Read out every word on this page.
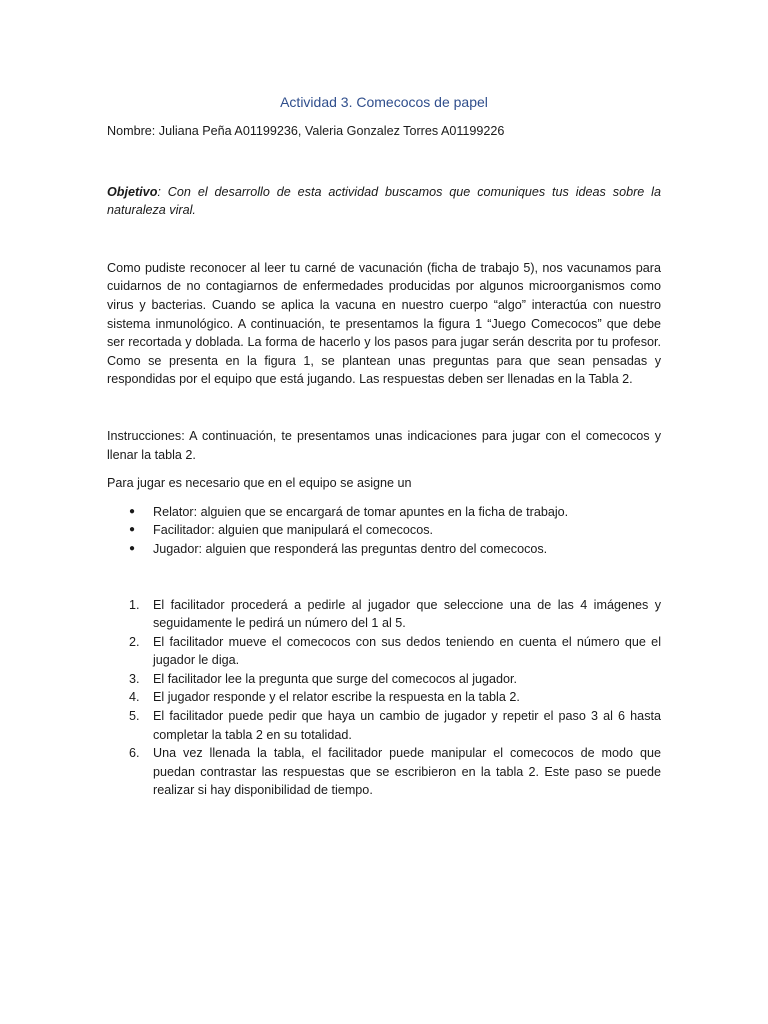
Actividad 3. Comecocos de papel

Nombre: Juliana Peña A01199236, Valeria Gonzalez Torres A01199226

Objetivo: Con el desarrollo de esta actividad buscamos que comuniques tus ideas sobre la naturaleza viral.

Como pudiste reconocer al leer tu carné de vacunación (ficha de trabajo 5), nos vacunamos para cuidarnos de no contagiarnos de enfermedades producidas por algunos microorganismos como virus y bacterias. Cuando se aplica la vacuna en nuestro cuerpo “algo” interactúa con nuestro sistema inmunológico. A continuación, te presentamos la figura 1 “Juego Comecocos” que debe ser recortada y doblada. La forma de hacerlo y los pasos para jugar serán descrita por tu profesor. Como se presenta en la figura 1, se plantean unas preguntas para que sean pensadas y respondidas por el equipo que está jugando. Las respuestas deben ser llenadas en la Tabla 2.

Instrucciones: A continuación, te presentamos unas indicaciones para jugar con el comecocos y llenar la tabla 2.

Para jugar es necesario que en el equipo se asigne un

● Relator: alguien que se encargará de tomar apuntes en la ficha de trabajo.
● Facilitador: alguien que manipulará el comecocos.
● Jugador: alguien que responderá las preguntas dentro del comecocos.
1. El facilitador procederá a pedirle al jugador que seleccione una de las 4 imágenes y seguidamente le pedirá un número del 1 al 5.
2. El facilitador mueve el comecocos con sus dedos teniendo en cuenta el número que el jugador le diga.
3. El facilitador lee la pregunta que surge del comecocos al jugador.
4. El jugador responde y el relator escribe la respuesta en la tabla 2.
5. El facilitador puede pedir que haya un cambio de jugador y repetir el paso 3 al 6 hasta completar la tabla 2 en su totalidad.
6. Una vez llenada la tabla, el facilitador puede manipular el comecocos de modo que puedan contrastar las respuestas que se escribieron en la tabla 2. Este paso se puede realizar si hay disponibilidad de tiempo.
